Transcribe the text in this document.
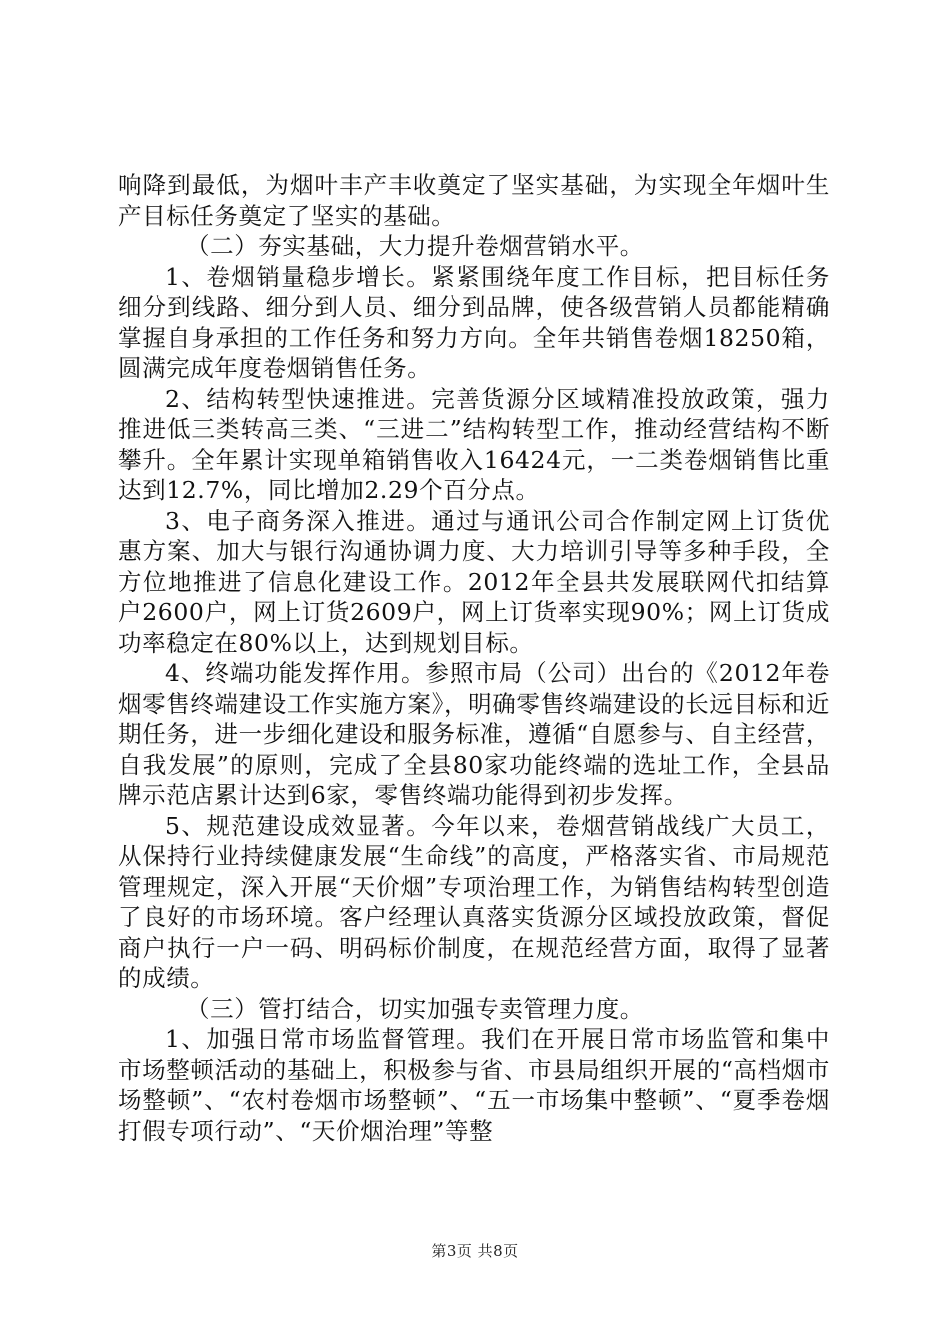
响降到最低，为烟叶丰产丰收奠定了坚实基础，为实现全年烟叶生产目标任务奠定了坚实的基础。

（二）夯实基础，大力提升卷烟营销水平。

1、卷烟销量稳步增长。紧紧围绕年度工作目标，把目标任务细分到线路、细分到人员、细分到品牌，使各级营销人员都能精确掌握自身承担的工作任务和努力方向。全年共销售卷烟18250箱，圆满完成年度卷烟销售任务。

2、结构转型快速推进。完善货源分区域精准投放政策，强力推进低三类转高三类、“三进二”结构转型工作，推动经营结构不断攀升。全年累计实现单箱销售收入16424元，一二类卷烟销售比重达到12.7%，同比增加2.29个百分点。

3、电子商务深入推进。通过与通讯公司合作制定网上订货优惠方案、加大与银行沟通协调力度、大力培训引导等多种手段，全方位地推进了信息化建设工作。2012年全县共发展联网代扣结算户2600户，网上订货2609户，网上订货率实现90%；网上订货成功率稳定在80%以上，达到规划目标。

4、终端功能发挥作用。参照市局（公司）出台的《2012年卷烟零售终端建设工作实施方案》，明确零售终端建设的长远目标和近期任务，进一步细化建设和服务标准，遵循“自愿参与、自主经营，自我发展”的原则，完成了全县80家功能终端的选址工作，全县品牌示范店累计达到6家，零售终端功能得到初步发挥。

5、规范建设成效显著。今年以来，卷烟营销战线广大员工，从保持行业持续健康发展“生命线”的高度，严格落实省、市局规范管理规定，深入开展“天价烟”专项治理工作，为销售结构转型创造了良好的市场环境。客户经理认真落实货源分区域投放政策，督促商户执行一户一码、明码标价制度，在规范经营方面，取得了显著的成绩。

（三）管打结合，切实加强专卖管理力度。

1、加强日常市场监督管理。我们在开展日常市场监管和集中市场整顿活动的基础上，积极参与省、市县局组织开展的“高档烟市场整顿”、“农村卷烟市场整顿”、“五一市场集中整顿”、“夏季卷烟打假专项行动”、“天价烟治理”等整

第3页 共8页
